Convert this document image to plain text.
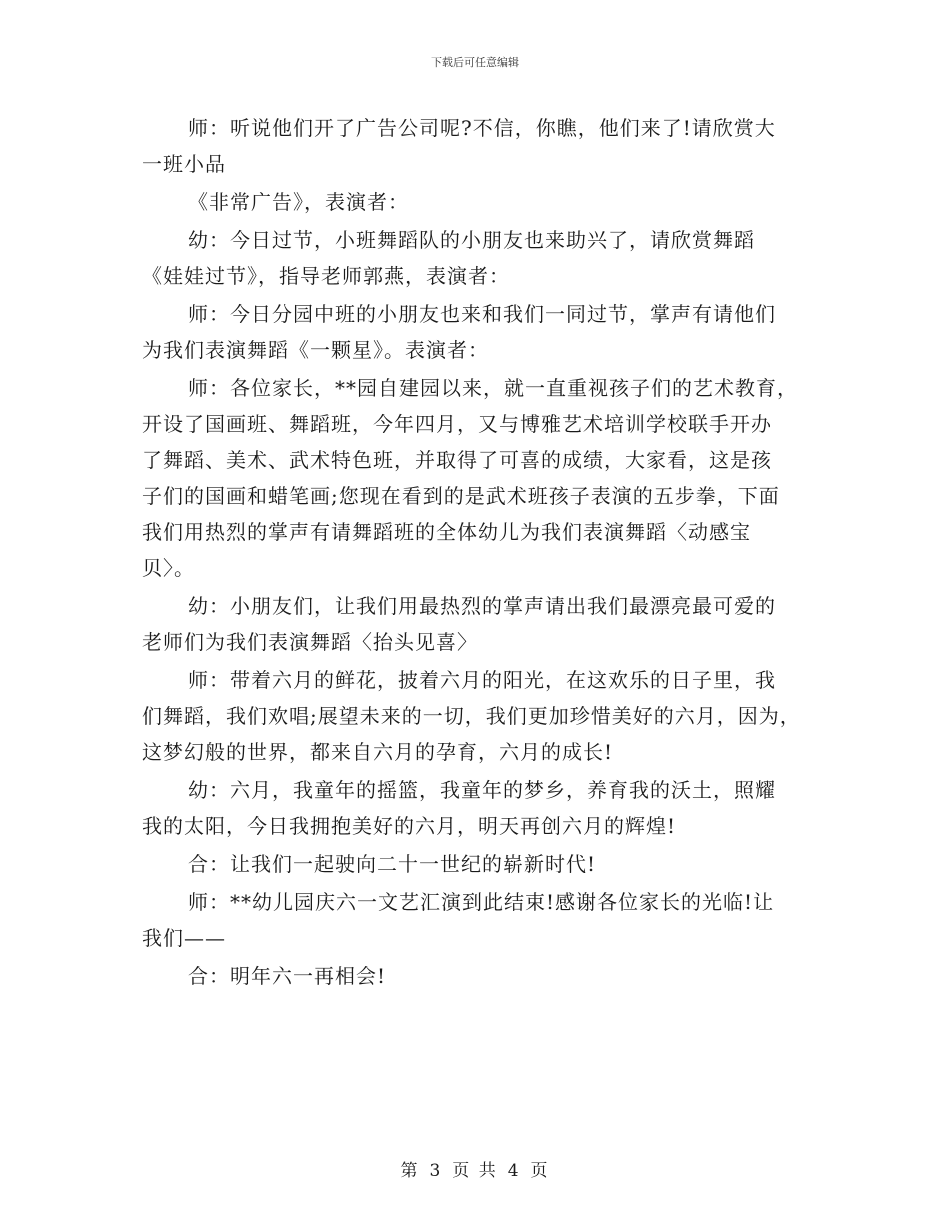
下载后可任意编辑

师：听说他们开了广告公司呢?不信，你瞧，他们来了!请欣赏大
一班小品

《非常广告》，表演者：

幼：今日过节，小班舞蹈队的小朋友也来助兴了，请欣赏舞蹈
《娃娃过节》，指导老师郭燕，表演者：

师：今日分园中班的小朋友也来和我们一同过节，掌声有请他们
为我们表演舞蹈《一颗星》。表演者：

师：各位家长，**园自建园以来，就一直重视孩子们的艺术教育，
开设了国画班、舞蹈班，今年四月，又与博雅艺术培训学校联手开办
了舞蹈、美术、武术特色班，并取得了可喜的成绩，大家看，这是孩
子们的国画和蜡笔画;您现在看到的是武术班孩子表演的五步拳，下面
我们用热烈的掌声有请舞蹈班的全体幼儿为我们表演舞蹈〈动感宝
贝〉。

幼：小朋友们，让我们用最热烈的掌声请出我们最漂亮最可爱的
老师们为我们表演舞蹈〈抬头见喜〉

师：带着六月的鲜花，披着六月的阳光，在这欢乐的日子里，我
们舞蹈，我们欢唱;展望未来的一切，我们更加珍惜美好的六月，因为，
这梦幻般的世界，都来自六月的孕育，六月的成长!

幼：六月，我童年的摇篮，我童年的梦乡，养育我的沃土，照耀
我的太阳，今日我拥抱美好的六月，明天再创六月的辉煌!

合：让我们一起驶向二十一世纪的崭新时代!

师：**幼儿园庆六一文艺汇演到此结束!感谢各位家长的光临!让
我们——

合：明年六一再相会!

第 3 页 共 4 页
